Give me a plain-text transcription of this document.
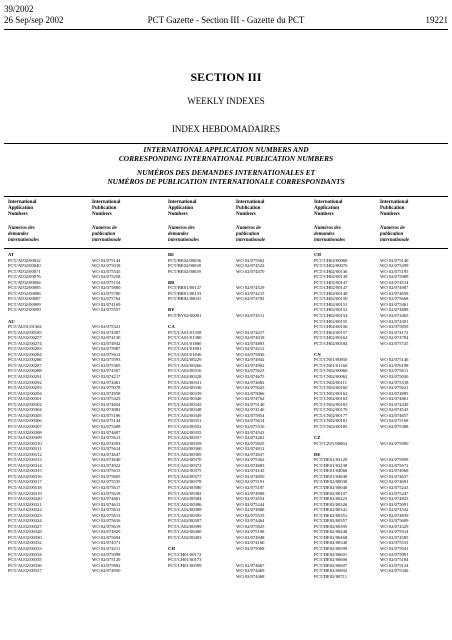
39/2002
26 Sep/sep 2002	PCT Gazette - Section III - Gazette du PCT	19221
SECTION III
WEEKLY INDEXES
INDEX HEBDOMADAIRES
INTERNATIONAL APPLICATION NUMBERS AND
CORRESPONDING INTERNATIONAL PUBLICATION NUMBERS
NUMÉROS DES DEMANDES INTERNATIONALES ET
NUMÉROS DE PUBLICATION INTERNATIONALE CORRESPONDANTS
International
Application
Numbers
Numéros des
demandes
internationales
International
Publication
Numbers
Numéros de
publication
internationale
International
Application
Numbers
Numéros des
demandes
internationales
International
Publication
Numbers
Numéros de
publication
internationale
International
Application
Numbers
Numéros des
demandes
internationales
International
Publication
Numbers
Numéros de
publication
internationale
AT
PCT/AT02/00022
PCT/AT02/00040
PCT/AT02/00071
PCT/AT02/00076
PCT/AT02/00084
PCT/AT02/00085
PCT/AT02/00086
PCT/AT02/00087
PCT/AT02/00089
PCT/AT02/00090
AU
PCT/AU01/01362
PCT/AU02/00185
PCT/AU02/00257
PCT/AU02/00274
PCT/AU02/00283
PCT/AU02/00284
PCT/AU02/00286
PCT/AU02/00287
PCT/AU02/00288
PCT/AU02/00291
PCT/AU02/00292
PCT/AU02/00293
PCT/AU02/00294
PCT/AU02/00301
PCT/AU02/00302
PCT/AU02/00304
PCT/AU02/00305
PCT/AU02/00306
PCT/AU02/00307
PCT/AU02/00308
PCT/AU02/00309
PCT/AU02/00310
PCT/AU02/00311
PCT/AU02/00312
PCT/AU02/00313
PCT/AU02/00314
PCT/AU02/00315
PCT/AU02/00316
PCT/AU02/00317
PCT/AU02/00318
PCT/AU02/00319
PCT/AU02/00320
PCT/AU02/00321
PCT/AU02/00322
PCT/AU02/00323
PCT/AU02/00324
PCT/AU02/00327
PCT/AU02/00328
PCT/AU02/00330
PCT/AU02/00332
PCT/AU02/00333
PCT/AU02/00334
PCT/AU02/00335
PCT/AU02/00336
PCT/AU02/00337
WO 02/075144
WO 02/075018
WO 02/075545
WO 02/075258
WO 02/075154
WO 02/075880
WO 02/075780
WO 02/075764
WO 02/074169
WO 02/075557
WO 02/075321
WO 02/074307
WO 02/074130
WO 02/074942
WO 02/075987
WO 02/075612
WO 02/075593
WO 02/075365
WO 02/074567
WO 02/074217
WO 02/074461
WO 02/075078
WO 02/074958
WO 02/075425
WO 02/074654
WO 02/074982
WO 02/075186
WO 02/075144
WO 02/075408
WO 02/074607
WO 02/075613
WO 02/074503
WO 02/075614
WO 02/074647
WO 02/074640
WO 02/074922
WO 02/075615
WO 02/075605
WO 02/075535
WO 02/075617
WO 02/075618
WO 02/074661
WO 02/074612
WO 02/075612
WO 02/075613
WO 02/075616
WO 02/075619
WO 02/074829
WO 02/075694
WO 02/074571
WO 02/074211
WO 02/075098
WO 02/075120
WO 02/075802
WO 02/074950
BE
PCT/BE02/00036
PCT/BE02/00038
PCT/BE02/00039
BR
PCT/BR01/00127
PCT/BR01/00133
PCT/BR02/00041
BY
PCT/BY02/00001
CA
PCT/CA01/01358
PCT/CA01/01380
PCT/CA01/01800
PCT/CA01/01801
PCT/CA01/01846
PCT/CA02/00229
PCT/CA02/00266
PCT/CA02/00316
PCT/CA02/00328
PCT/CA02/00331
PCT/CA02/00336
PCT/CA02/00339
PCT/CA02/00340
PCT/CA02/00345
PCT/CA02/00348
PCT/CA02/00349
PCT/CA02/00351
PCT/CA02/00352
PCT/CA02/00355
PCT/CA02/00357
PCT/CA02/00359
PCT/CA02/00360
PCT/CA02/00369
PCT/CA02/00370
PCT/CA02/00372
PCT/CA02/00375
PCT/CA02/00377
PCT/CA02/00378
PCT/CA02/00380
PCT/CA02/00382
PCT/CA02/00384
PCT/CA02/00386
PCT/CA02/00388
PCT/CA02/00395
PCT/CA02/00397
PCT/CA02/00399
PCT/CA02/00400
PCT/CA02/00403
CH
PCT/CH01/00172
PCT/CH01/00173
PCT/CH01/00599
WO 02/075562
WO 02/074522
WO 02/074470
WO 02/074529
WO 02/074215
WO 02/074782
WO 02/074511
WO 02/074417
WO 02/074018
WO 02/074883
WO 02/074212
WO 02/075836
WO 02/074942
WO 02/074902
WO 02/075623
WO 02/074675
WO 02/074682
WO 02/075623
WO 02/075066
WO 02/074762
WO 02/075140
WO 02/074146
WO 02/075854
WO 02/075614
WO 02/075316
WO 02/074543
WO 02/074262
WO 02/075825
WO 02/074812
WO 02/074637
WO 02/075362
WO 02/074683
WO 02/074145
WO 02/074850
WO 02/075191
WO 02/075187
WO 02/074908
WO 02/074554
WO 02/075244
WO 02/074888
WO 02/075535
WO 02/074464
WO 02/075825
WO 02/075198
WO 02/074948
WO 02/074160
WO 02/075068
WO 02/074667
WO 02/074469
WO 02/074468
CH
PCT/CH02/00068
PCT/CH02/00070
PCT/CH02/00136
PCT/CH02/00139
PCT/CH02/00147
PCT/CH02/00147
PCT/CH02/00148
PCT/CH02/00150
PCT/CH02/00151
PCT/CH02/00152
PCT/CH02/00154
PCT/CH02/00155
PCT/CH02/00156
PCT/CH02/00157
PCT/CH02/00162
PCT/CH02/00184
CN
PCT/CN01/00850
PCT/CN01/01160
PCT/CN02/00060
PCT/CN02/00062
PCT/CN02/00111
PCT/CN02/00160
PCT/CN02/00162
PCT/CN02/00163
PCT/CN02/00165
PCT/CN02/00170
PCT/CN02/00177
PCT/CN02/00181
PCT/CN02/00185
CZ
PCT/CZ01/00064
DE
PCT/DE01/03129
PCT/DE01/03238
PCT/DE01/04068
PCT/DE01/04840
PCT/DE02/00038
PCT/DE02/00040
PCT/DE02/00107
PCT/DE02/00223
PCT/DE02/00326
PCT/DE02/00341
PCT/DE02/00351
PCT/DE02/00357
PCT/DE02/00395
PCT/DE02/00448
PCT/DE02/00468
PCT/DE02/00540
PCT/DE02/00599
PCT/DE02/00601
PCT/DE02/00606
PCT/DE02/00607
PCT/DE02/00692
PCT/DE02/00711
WO 02/075140
WO 02/075299
WO 02/075195
WO 02/075989
WO 02/074514
WO 02/074987
WO 02/074658
WO 02/075668
WO 02/075461
WO 02/074808
WO 02/074463
WO 02/074301
WO 02/075859
WO 02/074172
WO 02/074784
WO 02/075725
WO 02/075146
WO 02/076198
WO 02/075611
WO 02/075030
WO 02/075318
WO 02/075621
WO 02/074885
WO 02/074861
WO 02/074449
WO 02/074543
WO 02/074657
WO 02/075168
WO 02/075388
WO 02/075900
WO 02/075899
WO 02/075672
WO 02/074968
WO 02/074637
WO 02/074691
WO 02/075243
WO 02/075247
WO 02/074823
WO 02/075091
WO 02/074542
WO 02/074839
WO 02/075609
WO 02/074329
WO 02/075914
WO 02/074585
WO 02/075531
WO 02/075941
WO 02/075991
WO 02/075184
WO 02/075124
WO 02/075346
